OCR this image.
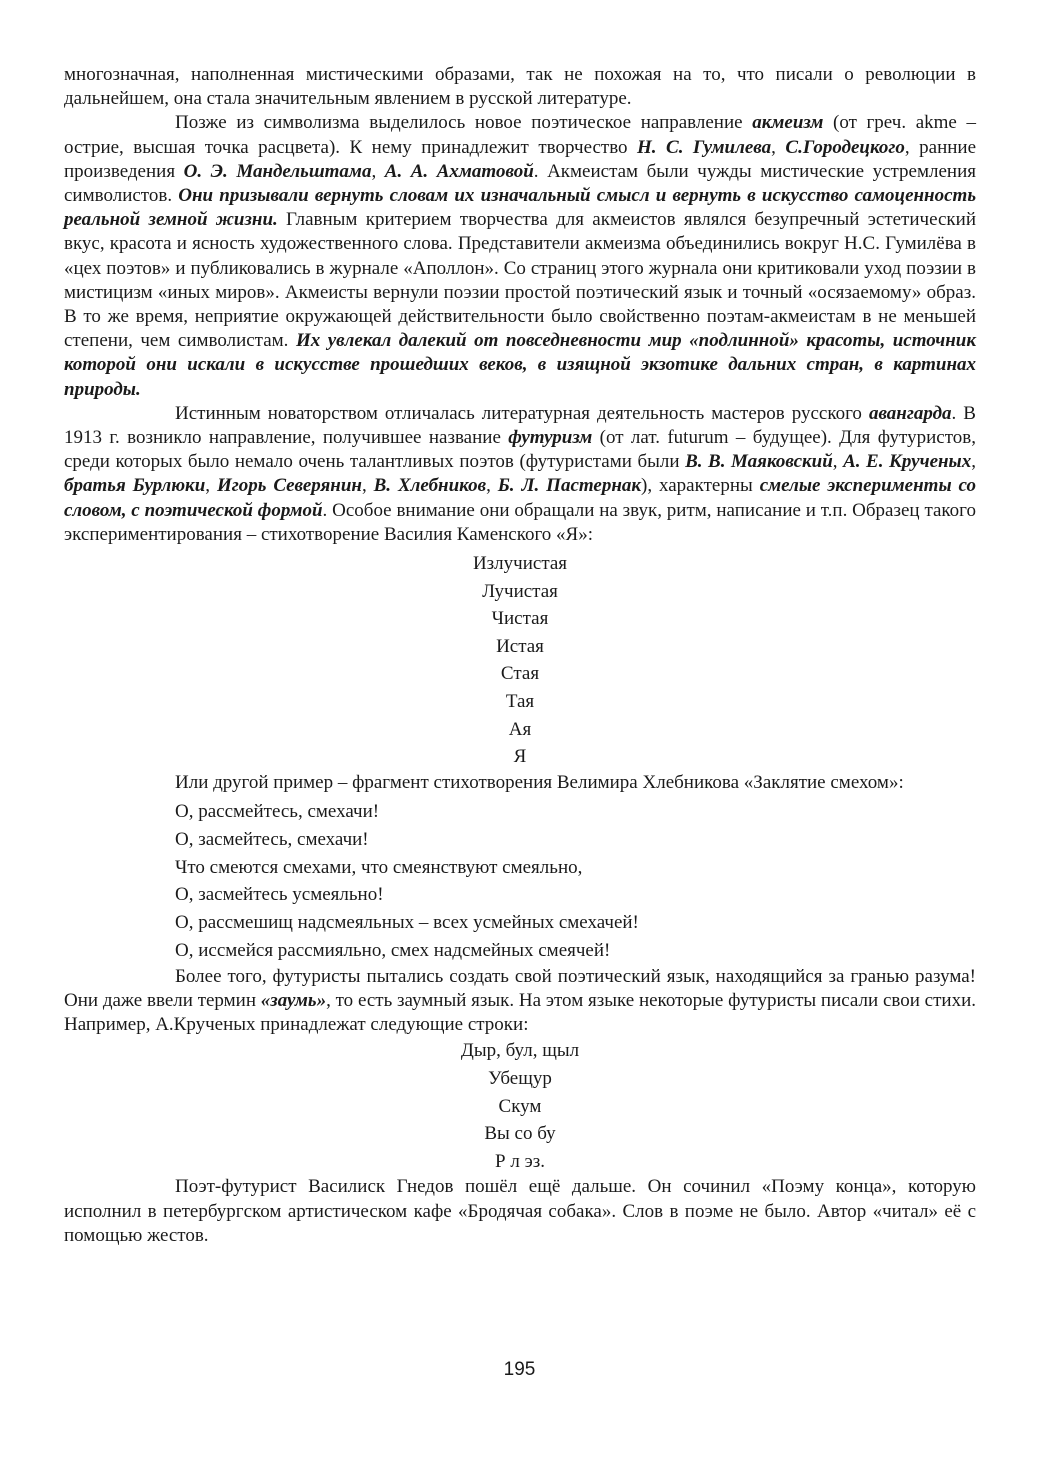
многозначная, наполненная мистическими образами, так не похожая на то, что писали о революции в дальнейшем, она стала значительным явлением в русской литературе.

Позже из символизма выделилось новое поэтическое направление акмеизм (от греч. akme – острие, высшая точка расцвета). К нему принадлежит творчество Н. С. Гумилева, С.Городецкого, ранние произведения О. Э. Мандельштама, А. А. Ахматовой. Акмеистам были чужды мистические устремления символистов. Они призывали вернуть словам их изначальный смысл и вернуть в искусство самоценность реальной земной жизни. Главным критерием творчества для акмеистов являлся безупречный эстетический вкус, красота и ясность художественного слова. Представители акмеизма объединились вокруг Н.С. Гумилёва в «цех поэтов» и публиковались в журнале «Аполлон». Со страниц этого журнала они критиковали уход поэзии в мистицизм «иных миров». Акмеисты вернули поэзии простой поэтический язык и точный «осязаемому» образ. В то же время, неприятие окружающей действительности было свойственно поэтам-акмеистам в не меньшей степени, чем символистам. Их увлекал далекий от повседневности мир «подлинной» красоты, источник которой они искали в искусстве прошедших веков, в изящной экзотике дальних стран, в картинах природы.

Истинным новаторством отличалась литературная деятельность мастеров русского авангарда. В 1913 г. возникло направление, получившее название футуризм (от лат. futurum – будущее). Для футуристов, среди которых было немало очень талантливых поэтов (футуристами были В. В. Маяковский, А. Е. Крученых, братья Бурлюки, Игорь Северянин, В. Хлебников, Б. Л. Пастернак), характерны смелые эксперименты со словом, с поэтической формой. Особое внимание они обращали на звук, ритм, написание и т.п. Образец такого экспериментирования – стихотворение Василия Каменского «Я»:

Излучистая
Лучистая
Чистая
Истая
Стая
Тая
Ая
Я

Или другой пример – фрагмент стихотворения Велимира Хлебникова «Заклятие смехом»:

О, рассмейтесь, смехачи!
О, засмейтесь, смехачи!
Что смеются смехами, что смеянствуют смеяльно,
О, засмейтесь усмеяльно!
О, рассмешищ надсмеяльных – всех усмейных смехачей!
О, иссмейся рассмияльно, смех надсмейных смеячей!

Более того, футуристы пытались создать свой поэтический язык, находящийся за гранью разума! Они даже ввели термин «заумь», то есть заумный язык. На этом языке некоторые футуристы писали свои стихи. Например, А.Крученых принадлежат следующие строки:

Дыр, бул, щыл
Убещур
Скум
Вы со бу
Р л эз.

Поэт-футурист Василиск Гнедов пошёл ещё дальше. Он сочинил «Поэму конца», которую исполнил в петербургском артистическом кафе «Бродячая собака». Слов в поэме не было. Автор «читал» её с помощью жестов.

195
